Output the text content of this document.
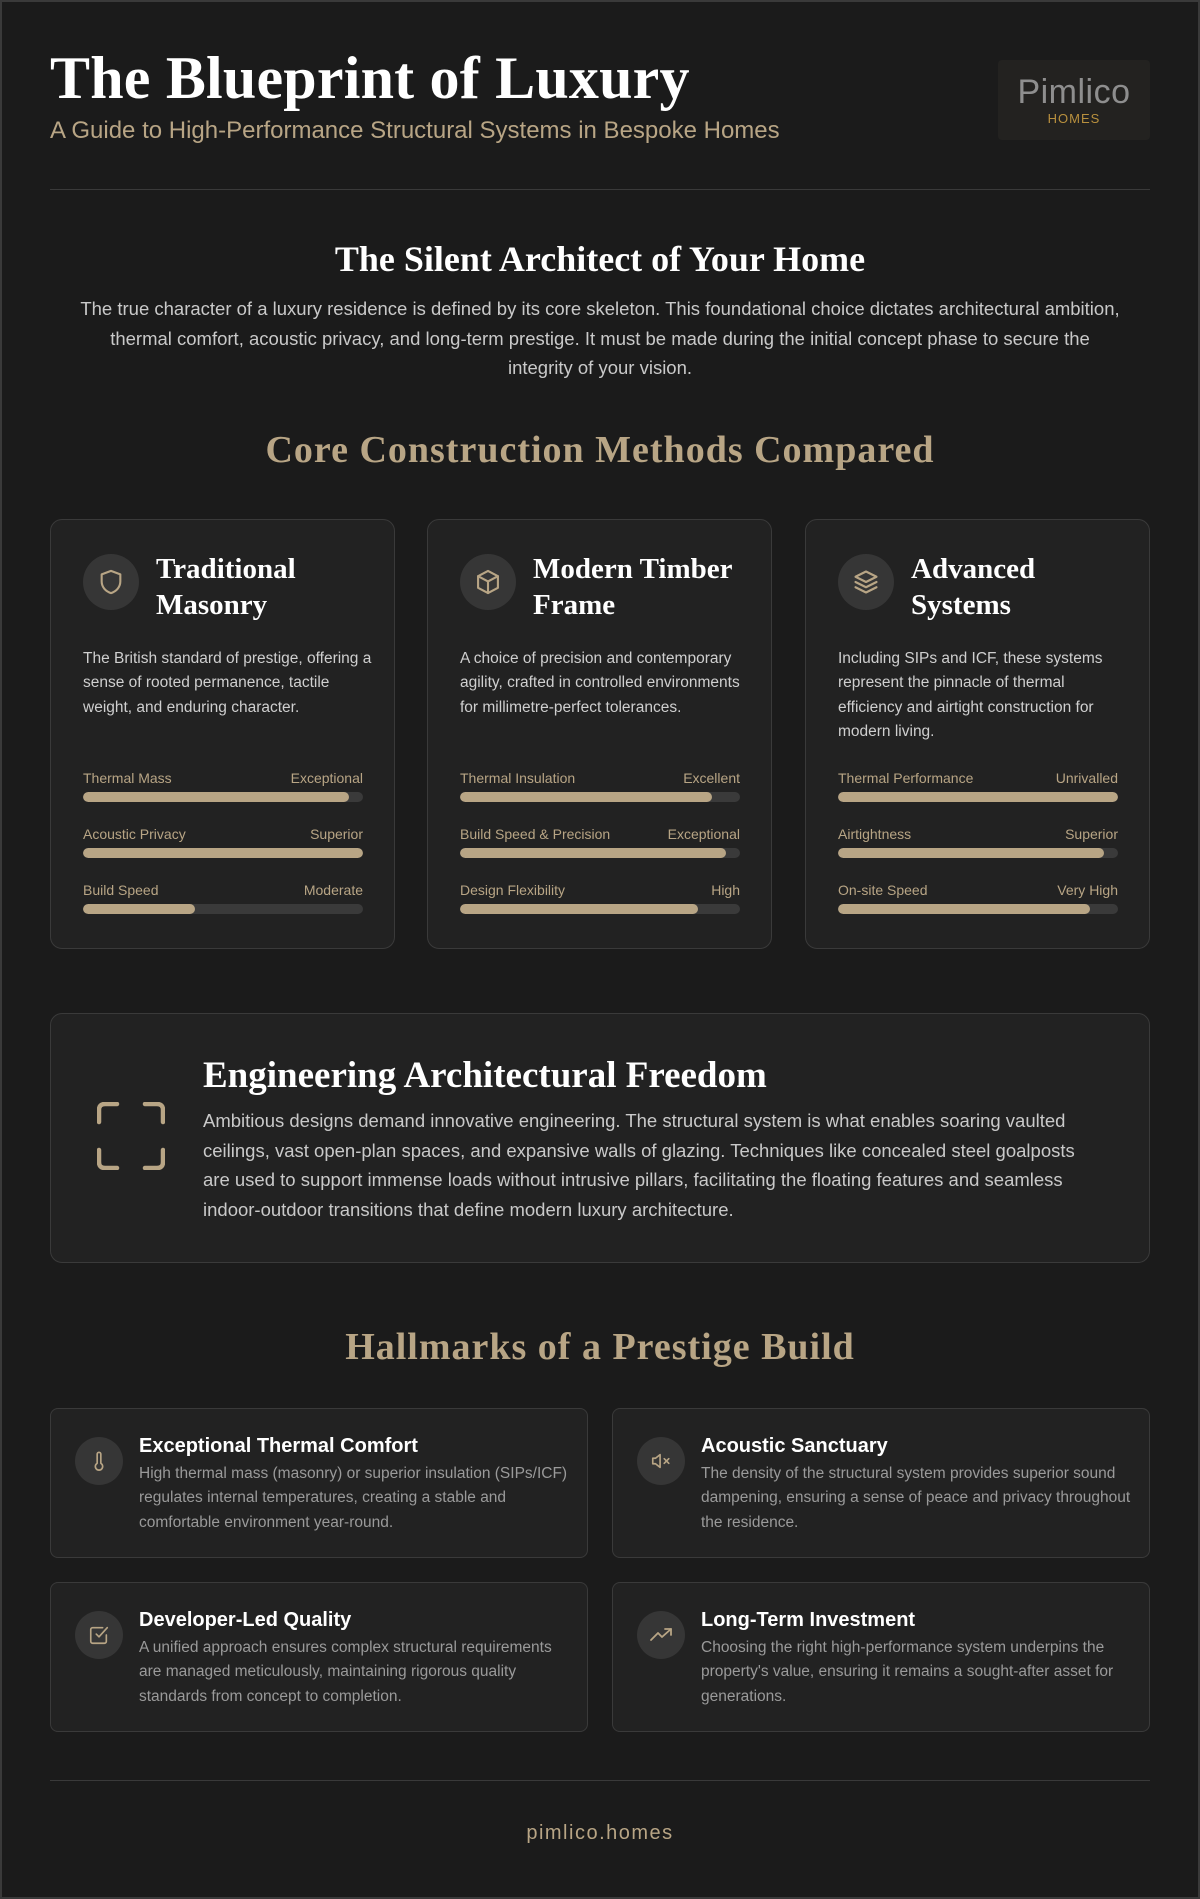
The Blueprint of Luxury
A Guide to High-Performance Structural Systems in Bespoke Homes
Pimlico
HOMES
The Silent Architect of Your Home
The true character of a luxury residence is defined by its core skeleton. This foundational choice dictates architectural ambition, thermal comfort, acoustic privacy, and long-term prestige. It must be made during the initial concept phase to secure the integrity of your vision.
Core Construction Methods Compared
Traditional Masonry
The British standard of prestige, offering a sense of rooted permanence, tactile weight, and enduring character.
Thermal Mass	Exceptional
Acoustic Privacy	Superior
Build Speed	Moderate
Modern Timber Frame
A choice of precision and contemporary agility, crafted in controlled environments for millimetre-perfect tolerances.
Thermal Insulation	Excellent
Build Speed & Precision	Exceptional
Design Flexibility	High
Advanced Systems
Including SIPs and ICF, these systems represent the pinnacle of thermal efficiency and airtight construction for modern living.
Thermal Performance	Unrivalled
Airtightness	Superior
On-site Speed	Very High
Engineering Architectural Freedom
Ambitious designs demand innovative engineering. The structural system is what enables soaring vaulted ceilings, vast open-plan spaces, and expansive walls of glazing. Techniques like concealed steel goalposts are used to support immense loads without intrusive pillars, facilitating the floating features and seamless indoor-outdoor transitions that define modern luxury architecture.
Hallmarks of a Prestige Build
Exceptional Thermal Comfort
High thermal mass (masonry) or superior insulation (SIPs/ICF) regulates internal temperatures, creating a stable and comfortable environment year-round.
Acoustic Sanctuary
The density of the structural system provides superior sound dampening, ensuring a sense of peace and privacy throughout the residence.
Developer-Led Quality
A unified approach ensures complex structural requirements are managed meticulously, maintaining rigorous quality standards from concept to completion.
Long-Term Investment
Choosing the right high-performance system underpins the property's value, ensuring it remains a sought-after asset for generations.
pimlico.homes
